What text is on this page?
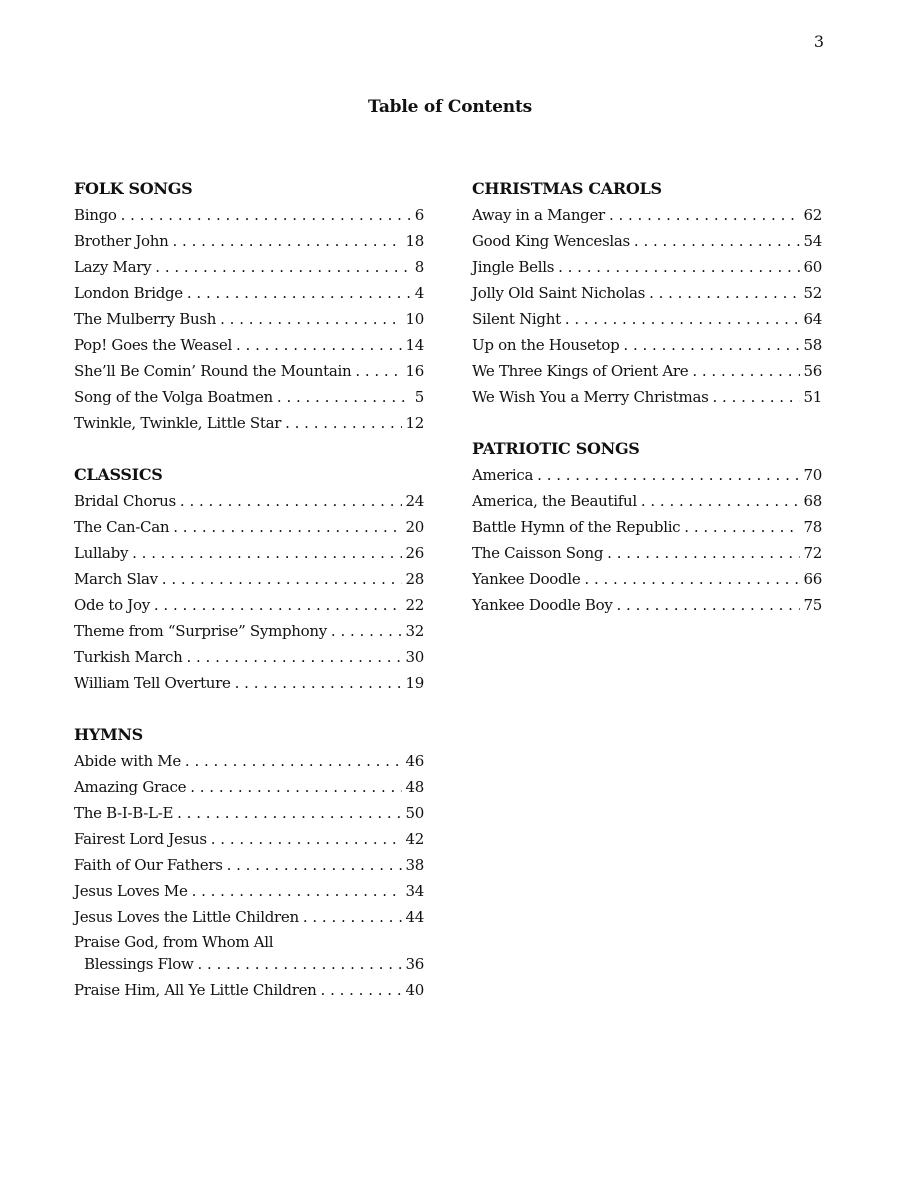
3
Table of Contents
FOLK SONGS
Bingo . . .	6
Brother John . . .	18
Lazy Mary . . .	8
London Bridge . . .	4
The Mulberry Bush . . .	10
Pop! Goes the Weasel . . .	14
She’ll Be Comin’ Round the Mountain . . .	16
Song of the Volga Boatmen . . .	5
Twinkle, Twinkle, Little Star . . .	12
CLASSICS
Bridal Chorus . . .	24
The Can-Can . . .	20
Lullaby . . .	26
March Slav . . .	28
Ode to Joy . . .	22
Theme from “Surprise” Symphony . . .	32
Turkish March . . .	30
William Tell Overture . . .	19
HYMNS
Abide with Me . . .	46
Amazing Grace . . .	48
The B-I-B-L-E . . .	50
Fairest Lord Jesus . . .	42
Faith of Our Fathers . . .	38
Jesus Loves Me . . .	34
Jesus Loves the Little Children . . .	44
Praise God, from Whom All
Blessings Flow . . .	36
Praise Him, All Ye Little Children . . .	40
CHRISTMAS CAROLS
Away in a Manger . . .	62
Good King Wenceslas . . .	54
Jingle Bells . . .	60
Jolly Old Saint Nicholas . . .	52
Silent Night . . .	64
Up on the Housetop . . .	58
We Three Kings of Orient Are . . .	56
We Wish You a Merry Christmas . . .	51
PATRIOTIC SONGS
America . . .	70
America, the Beautiful . . .	68
Battle Hymn of the Republic . . .	78
The Caisson Song . . .	72
Yankee Doodle . . .	66
Yankee Doodle Boy . . .	75
